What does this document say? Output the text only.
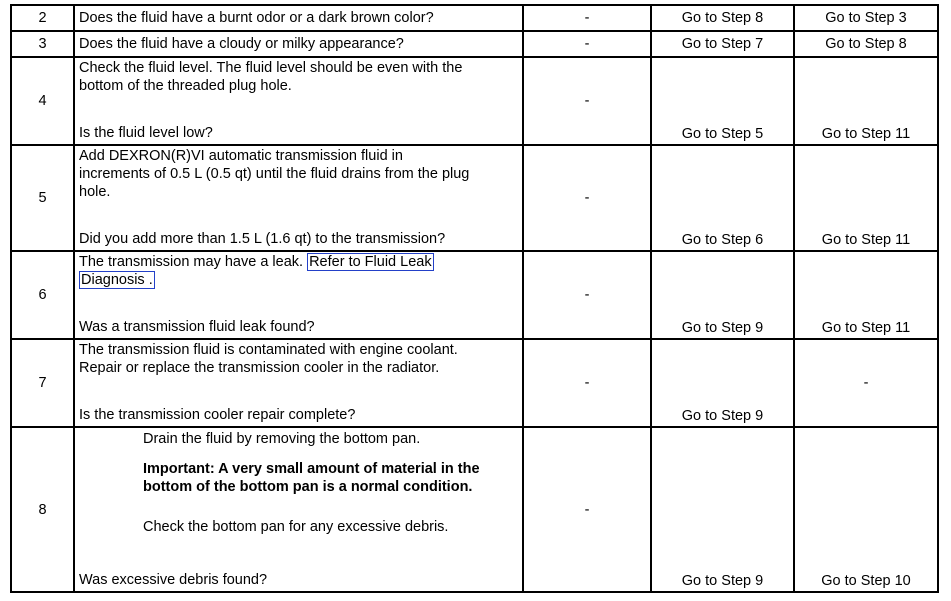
2	Does the fluid have a burnt odor or a dark brown color?	-	Go to Step 8	Go to Step 3
3	Does the fluid have a cloudy or milky appearance?	-	Go to Step 7	Go to Step 8
4	Check the fluid level. The fluid level should be even with the
bottom of the threaded plug hole.
Is the fluid level low?	-	Go to Step 5	Go to Step 11
5	Add DEXRON(R)VI automatic transmission fluid in
increments of 0.5 L (0.5 qt) until the fluid drains from the plug
hole.
Did you add more than 1.5 L (1.6 qt) to the transmission?	-	Go to Step 6	Go to Step 11
6	The transmission may have a leak. Refer to Fluid Leak
Diagnosis .
Was a transmission fluid leak found?	-	Go to Step 9	Go to Step 11
7	The transmission fluid is contaminated with engine coolant.
Repair or replace the transmission cooler in the radiator.
Is the transmission cooler repair complete?	-	Go to Step 9	-
8	Drain the fluid by removing the bottom pan.
Important: A very small amount of material in the
bottom of the bottom pan is a normal condition.
Check the bottom pan for any excessive debris.
Was excessive debris found?	-	Go to Step 9	Go to Step 10
